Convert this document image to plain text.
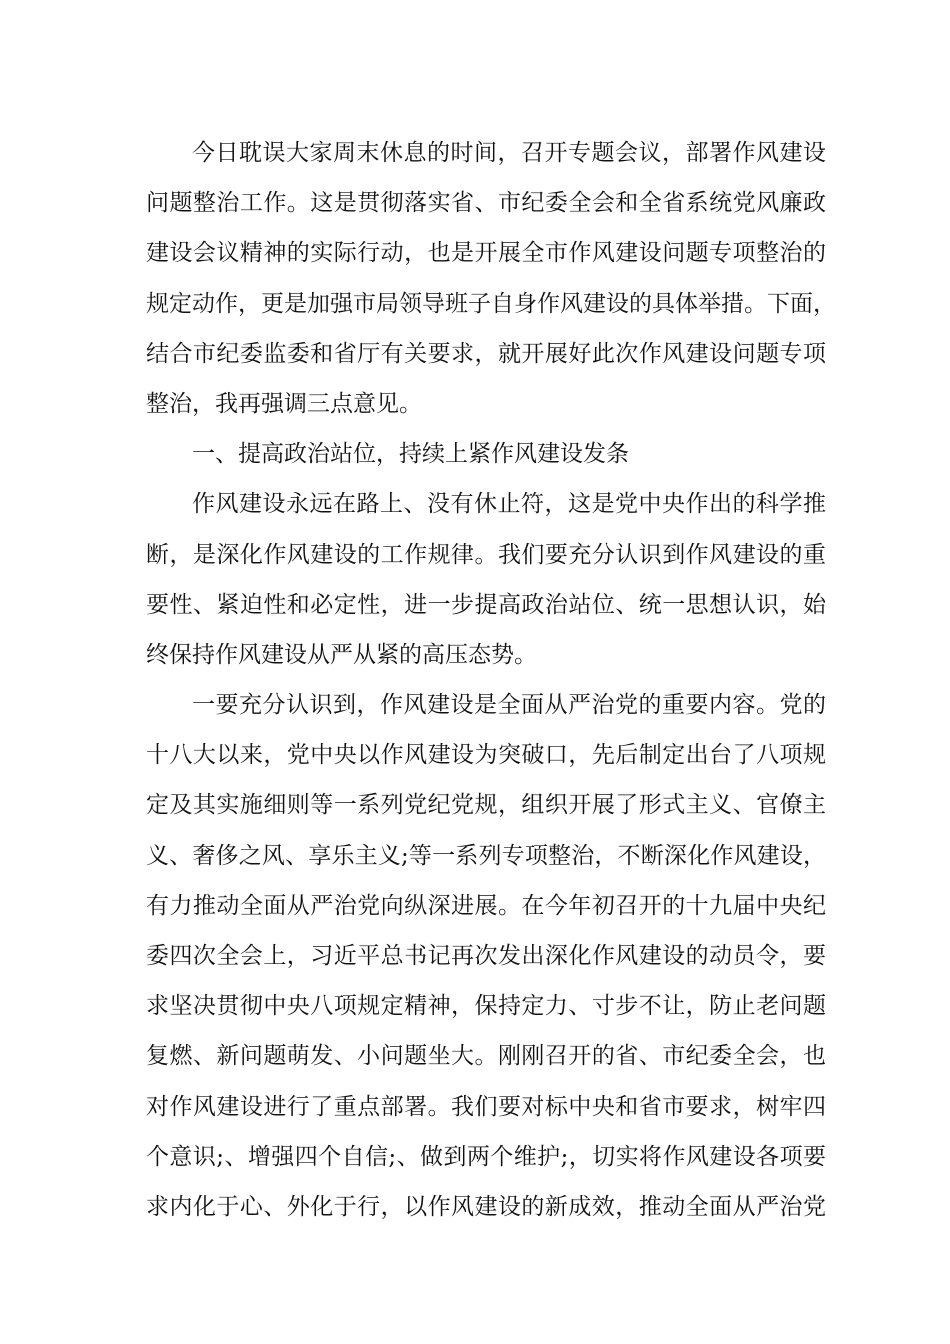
今日耽误大家周末休息的时间，召开专题会议，部署作风建设
问题整治工作。这是贯彻落实省、市纪委全会和全省系统党风廉政
建设会议精神的实际行动，也是开展全市作风建设问题专项整治的
规定动作，更是加强市局领导班子自身作风建设的具体举措。下面，
结合市纪委监委和省厅有关要求，就开展好此次作风建设问题专项
整治，我再强调三点意见。
一、提高政治站位，持续上紧作风建设发条
作风建设永远在路上、没有休止符，这是党中央作出的科学推
断，是深化作风建设的工作规律。我们要充分认识到作风建设的重
要性、紧迫性和必定性，进一步提高政治站位、统一思想认识，始
终保持作风建设从严从紧的高压态势。
一要充分认识到，作风建设是全面从严治党的重要内容。党的
十八大以来，党中央以作风建设为突破口，先后制定出台了八项规
定及其实施细则等一系列党纪党规，组织开展了形式主义、官僚主
义、奢侈之风、享乐主义;等一系列专项整治，不断深化作风建设，
有力推动全面从严治党向纵深进展。在今年初召开的十九届中央纪
委四次全会上，习近平总书记再次发出深化作风建设的动员令，要
求坚决贯彻中央八项规定精神，保持定力、寸步不让，防止老问题
复燃、新问题萌发、小问题坐大。刚刚召开的省、市纪委全会，也
对作风建设进行了重点部署。我们要对标中央和省市要求，树牢四
个意识;、增强四个自信;、做到两个维护;，切实将作风建设各项要
求内化于心、外化于行，以作风建设的新成效，推动全面从严治党
